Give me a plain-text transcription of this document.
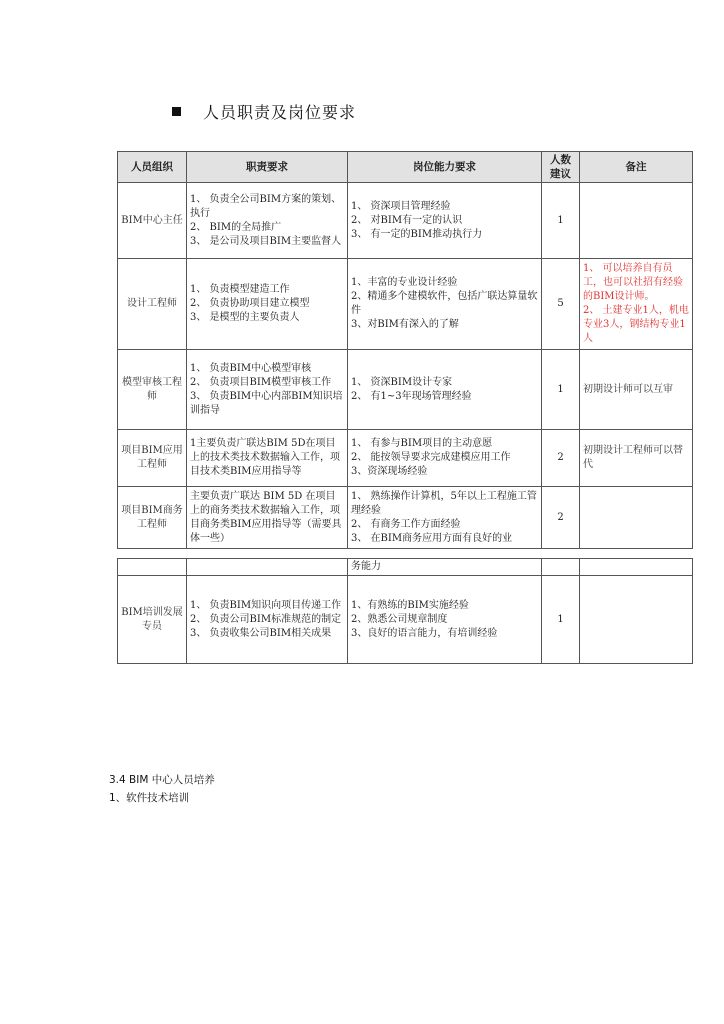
人员职责及岗位要求
人员组织	职责要求	岗位能力要求	人数建议	备注
BIM中心主任	1、 负责全公司BIM方案的策划、执行
2、 BIM的全局推广
3、 是公司及项目BIM主要监督人	1、 资深项目管理经验
2、 对BIM有一定的认识
3、 有一定的BIM推动执行力	1	
设计工程师	1、 负责模型建造工作
2、 负责协助项目建立模型
3、 是模型的主要负责人	1、丰富的专业设计经验
2、精通多个建模软件，包括广联达算量软件
3、对BIM有深入的了解	5	1、 可以培养自有员工，也可以社招有经验的BIM设计师。
2、 土建专业1人，机电专业3人，钢结构专业1人

模型审核工程师	1、 负责BIM中心模型审核
2、 负责项目BIM模型审核工作
3、 负责BIM中心内部BIM知识培训指导	1、 资深BIM设计专家
2、 有1~3年现场管理经验	1	初期设计师可以互审

项目BIM应用工程师	1主要负责广联达BIM 5D在项目上的技术类技术数据输入工作，项目技术类BIM应用指导等	1、 有参与BIM项目的主动意愿
2、 能按领导要求完成建模应用工作
3、资深现场经验	2	初期设计工程师可以替代

项目BIM商务工程师	主要负责广联达 BIM 5D 在项目上的商务类技术数据输入工作，项目商务类BIM应用指导等（需要具体一些）	1、 熟练操作计算机，5年以上工程施工管理经验
2、 有商务工作方面经验
3、 在BIM商务应用方面有良好的业	2	
		务能力		
BIM培训发展专员	1、 负责BIM知识向项目传递工作
2、 负责公司BIM标准规范的制定
3、 负责收集公司BIM相关成果	1、有熟练的BIM实施经验
2、熟悉公司规章制度
3、良好的语言能力，有培训经验	1	
3.4 BIM 中心人员培养
1、软件技术培训
